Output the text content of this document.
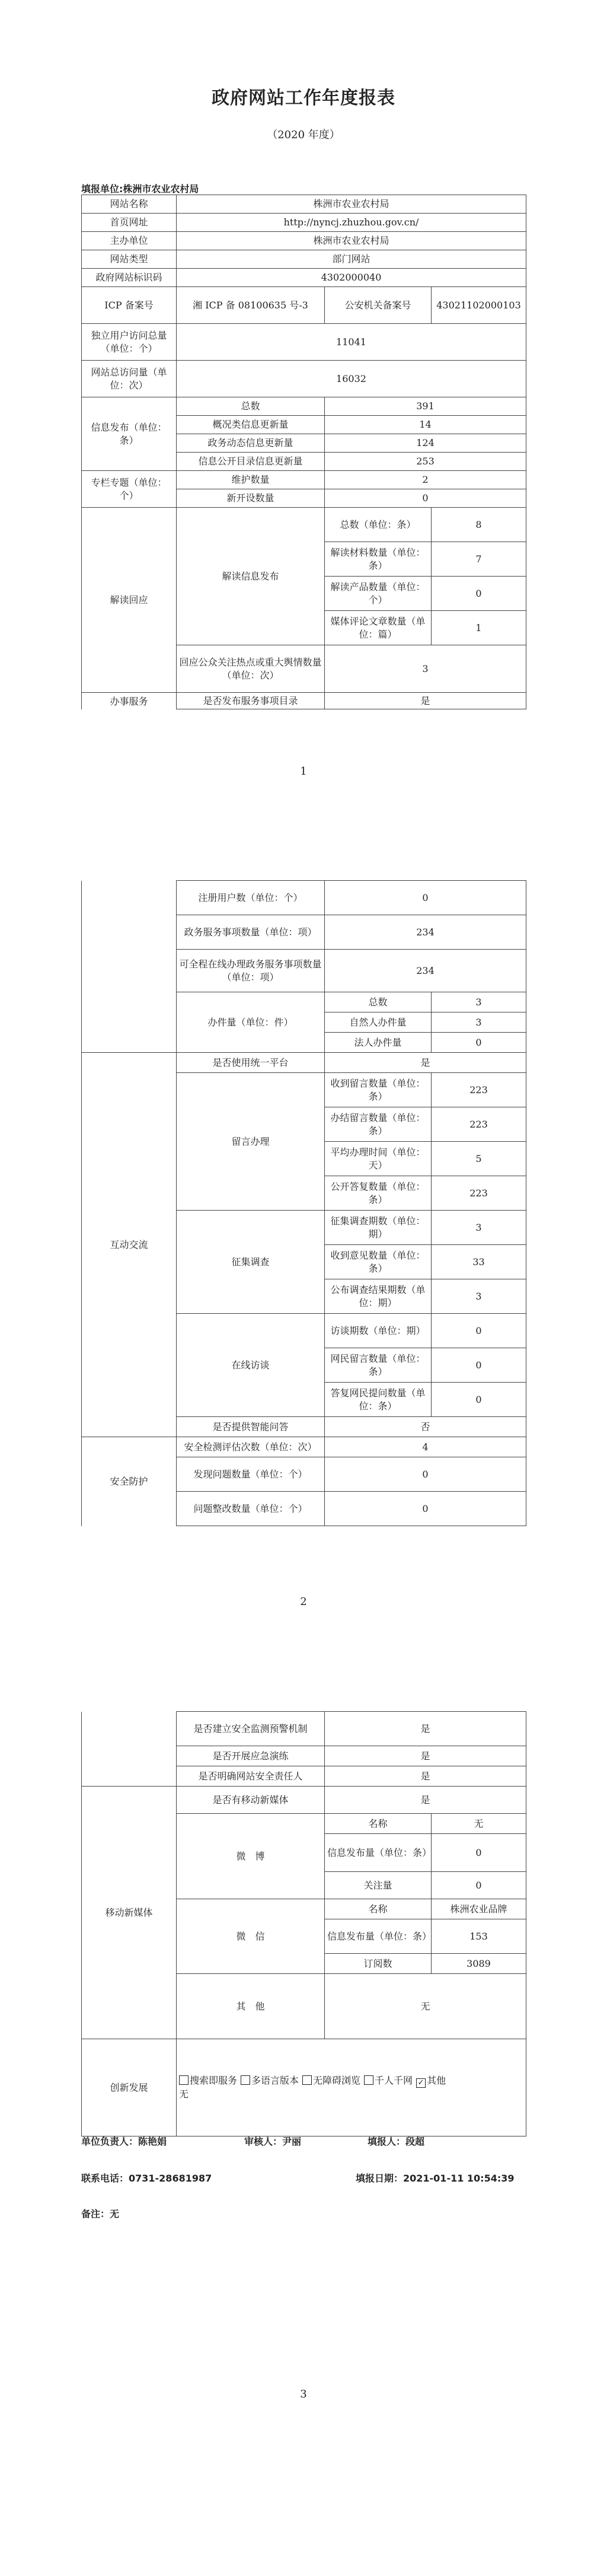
政府网站工作年度报表
（2020 年度）
填报单位:株洲市农业农村局
网站名称	株洲市农业农村局		
首页网址	http://nyncj.zhuzhou.gov.cn/		
主办单位	株洲市农业农村局		
网站类型	部门网站		
政府网站标识码	4302000040		
ICP 备案号	湘 ICP 备 08100635 号-3	公安机关备案号	43021102000103
独立用户访问总量（单位：个）	11041		
网站总访问量（单位：次）	16032		
信息发布（单位：条）	总数	391	
	概况类信息更新量	14	
	政务动态信息更新量	124	
	信息公开目录信息更新量	253	
专栏专题（单位：个）	维护数量	2	
	新开设数量	0	
解读回应	解读信息发布	总数（单位：条）	8
		解读材料数量（单位：条）	7
		解读产品数量（单位：个）	0
		媒体评论文章数量（单位：篇）	1
	回应公众关注热点或重大舆情数量（单位：次）	3	
办事服务	是否发布服务事项目录	是	
1
	注册用户数（单位：个）	0	
	政务服务事项数量（单位：项）	234	
	可全程在线办理政务服务事项数量（单位：项）	234	
	办件量（单位：件）	总数	3
		自然人办件量	3
		法人办件量	0
互动交流	是否使用统一平台	是	
	留言办理	收到留言数量（单位：条）	223
		办结留言数量（单位：条）	223
		平均办理时间（单位：天）	5
		公开答复数量（单位：条）	223
	征集调查	征集调查期数（单位：期）	3
		收到意见数量（单位：条）	33
		公布调查结果期数（单位：期）	3
	在线访谈	访谈期数（单位：期）	0
		网民留言数量（单位：条）	0
		答复网民提问数量（单位：条）	0
	是否提供智能问答	否	
安全防护	安全检测评估次数（单位：次）	4	
	发现问题数量（单位：个）	0	
	问题整改数量（单位：个）	0	
2
	是否建立安全监测预警机制	是	
	是否开展应急演练	是	
	是否明确网站安全责任人	是	
移动新媒体	是否有移动新媒体	是	
	微　博	名称	无
		信息发布量（单位：条）	0
		关注量	0
	微　信	名称	株洲农业品牌
		信息发布量（单位：条）	153
		订阅数	3089
	其　他	无	
创新发展	搜索即服务 多语言版本 无障碍浏览 千人千网 ✓ 其他
无		
单位负责人：陈艳娟	审核人：尹丽	填报人：段超
联系电话：0731-28681987	填报日期：2021-01-11 10:54:39
备注：无
3
